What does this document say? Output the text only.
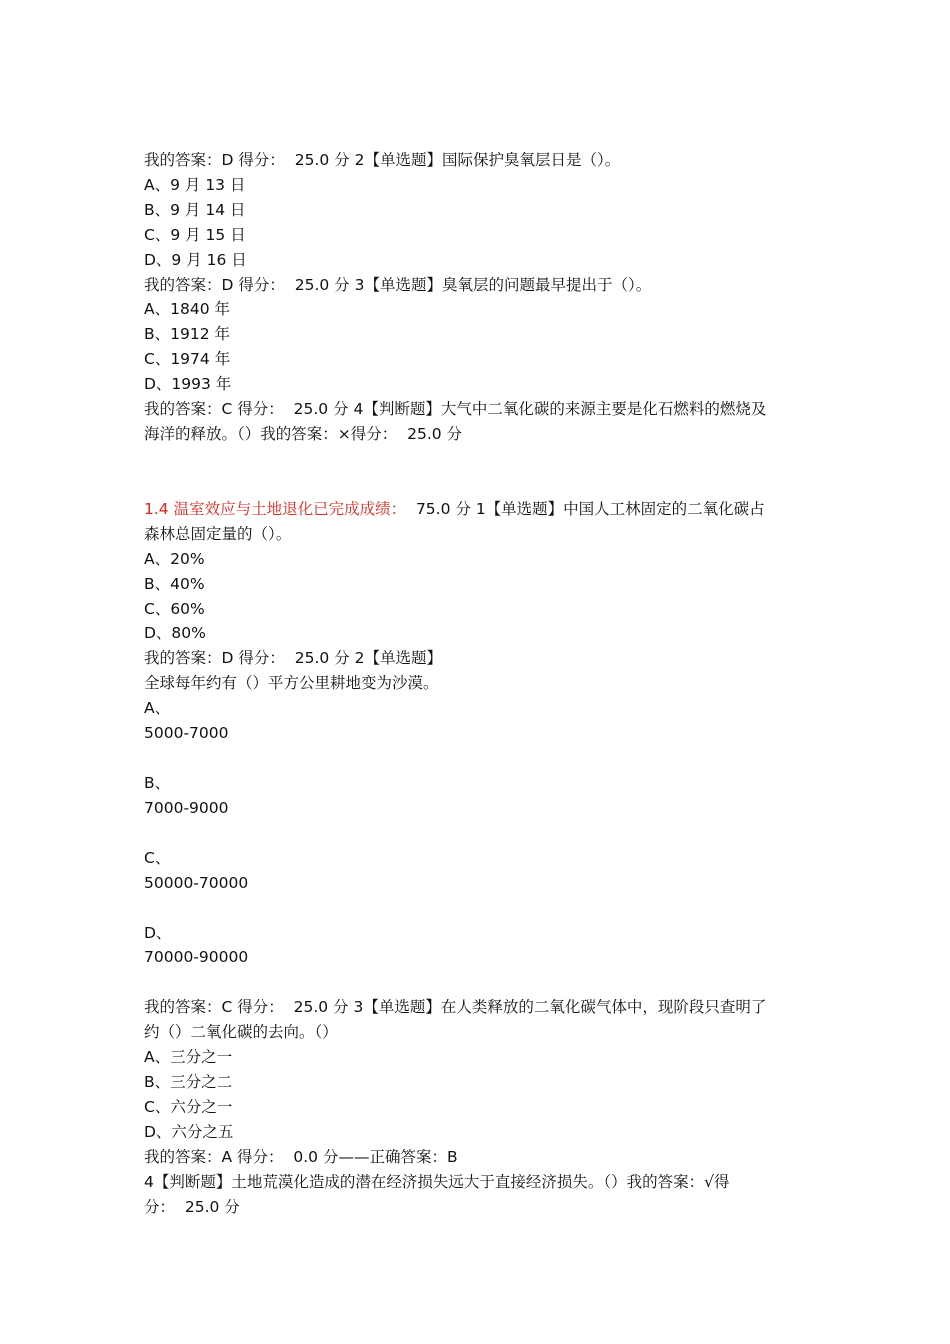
我的答案：D 得分：  25.0 分 2【单选题】国际保护臭氧层日是（）。

A、9 月 13 日

B、9 月 14 日

C、9 月 15 日

D、9 月 16 日

我的答案：D 得分：  25.0 分 3【单选题】臭氧层的问题最早提出于（）。

A、1840 年

B、1912 年

C、1974 年

D、1993 年

我的答案：C 得分：  25.0 分 4【判断题】大气中二氧化碳的来源主要是化石燃料的燃烧及

海洋的释放。（）我的答案：×得分：  25.0 分

1.4 温室效应与土地退化已完成成绩：  75.0 分 1【单选题】中国人工林固定的二氧化碳占

森林总固定量的（）。

A、20%

B、40%

C、60%

D、80%

我的答案：D 得分：  25.0 分 2【单选题】

全球每年约有（）平方公里耕地变为沙漠。

A、

5000-7000

B、

7000-9000

C、

50000-70000

D、

70000-90000

我的答案：C 得分：  25.0 分 3【单选题】在人类释放的二氧化碳气体中，现阶段只查明了

约（）二氧化碳的去向。（）

A、三分之一

B、三分之二

C、六分之一

D、六分之五

我的答案：A 得分：  0.0 分——正确答案：B

4【判断题】土地荒漠化造成的潜在经济损失远大于直接经济损失。（）我的答案：√得

分：  25.0 分
